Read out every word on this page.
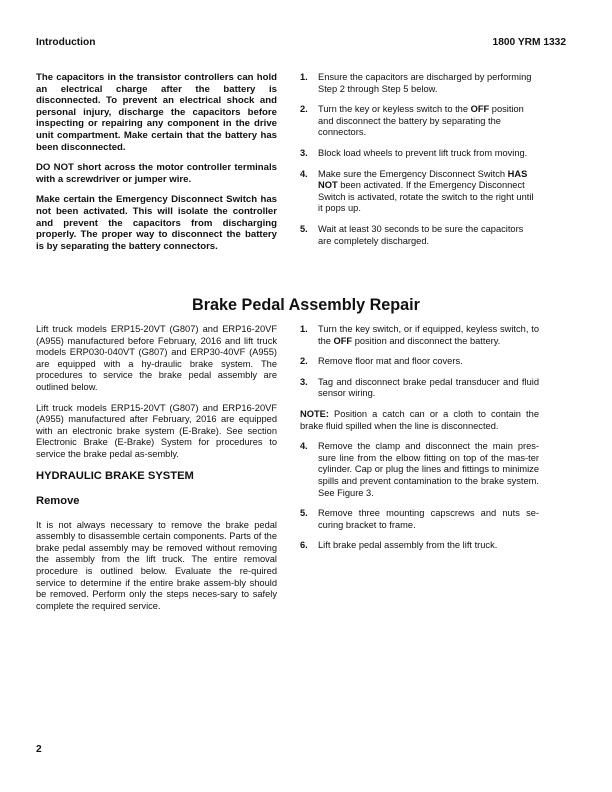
Introduction	1800 YRM 1332

The capacitors in the transistor controllers can hold an electrical charge after the battery is disconnected. To prevent an electrical shock and personal injury, discharge the capacitors before inspecting or repairing any component in the drive unit compartment. Make certain that the battery has been disconnected.

DO NOT short across the motor controller terminals with a screwdriver or jumper wire.

Make certain the Emergency Disconnect Switch has not been activated. This will isolate the controller and prevent the capacitors from discharging properly. The proper way to disconnect the battery is by separating the battery connectors.

1. Ensure the capacitors are discharged by performing Step 2 through Step 5 below.
2. Turn the key or keyless switch to the OFF position and disconnect the battery by separating the connectors.
3. Block load wheels to prevent lift truck from moving.
4. Make sure the Emergency Disconnect Switch HAS NOT been activated. If the Emergency Disconnect Switch is activated, rotate the switch to the right until it pops up.
5. Wait at least 30 seconds to be sure the capacitors are completely discharged.
Brake Pedal Assembly Repair

Lift truck models ERP15-20VT (G807) and ERP16-20VF (A955) manufactured before February, 2016 and lift truck models ERP030-040VT (G807) and ERP30-40VF (A955) are equipped with a hy-draulic brake system. The procedures to service the brake pedal assembly are outlined below.

Lift truck models ERP15-20VT (G807) and ERP16-20VF (A955) manufactured after February, 2016 are equipped with an electronic brake system (E-Brake). See section Electronic Brake (E-Brake) System for procedures to service the brake pedal as-sembly.

HYDRAULIC BRAKE SYSTEM
Remove

It is not always necessary to remove the brake pedal assembly to disassemble certain components. Parts of the brake pedal assembly may be removed without removing the assembly from the lift truck. The entire removal procedure is outlined below. Evaluate the re-quired service to determine if the entire brake assem-bly should be removed. Perform only the steps neces-sary to safely complete the required service.

1. Turn the key switch, or if equipped, keyless switch, to the OFF position and disconnect the battery.
2. Remove floor mat and floor covers.
3. Tag and disconnect brake pedal transducer and fluid sensor wiring.

NOTE: Position a catch can or a cloth to contain the brake fluid spilled when the line is disconnected.

4. Remove the clamp and disconnect the main pres-sure line from the elbow fitting on top of the mas-ter cylinder. Cap or plug the lines and fittings to minimize spills and prevent contamination to the brake system. See Figure 3.
5. Remove three mounting capscrews and nuts se-curing bracket to frame.
6. Lift brake pedal assembly from the lift truck.
2
